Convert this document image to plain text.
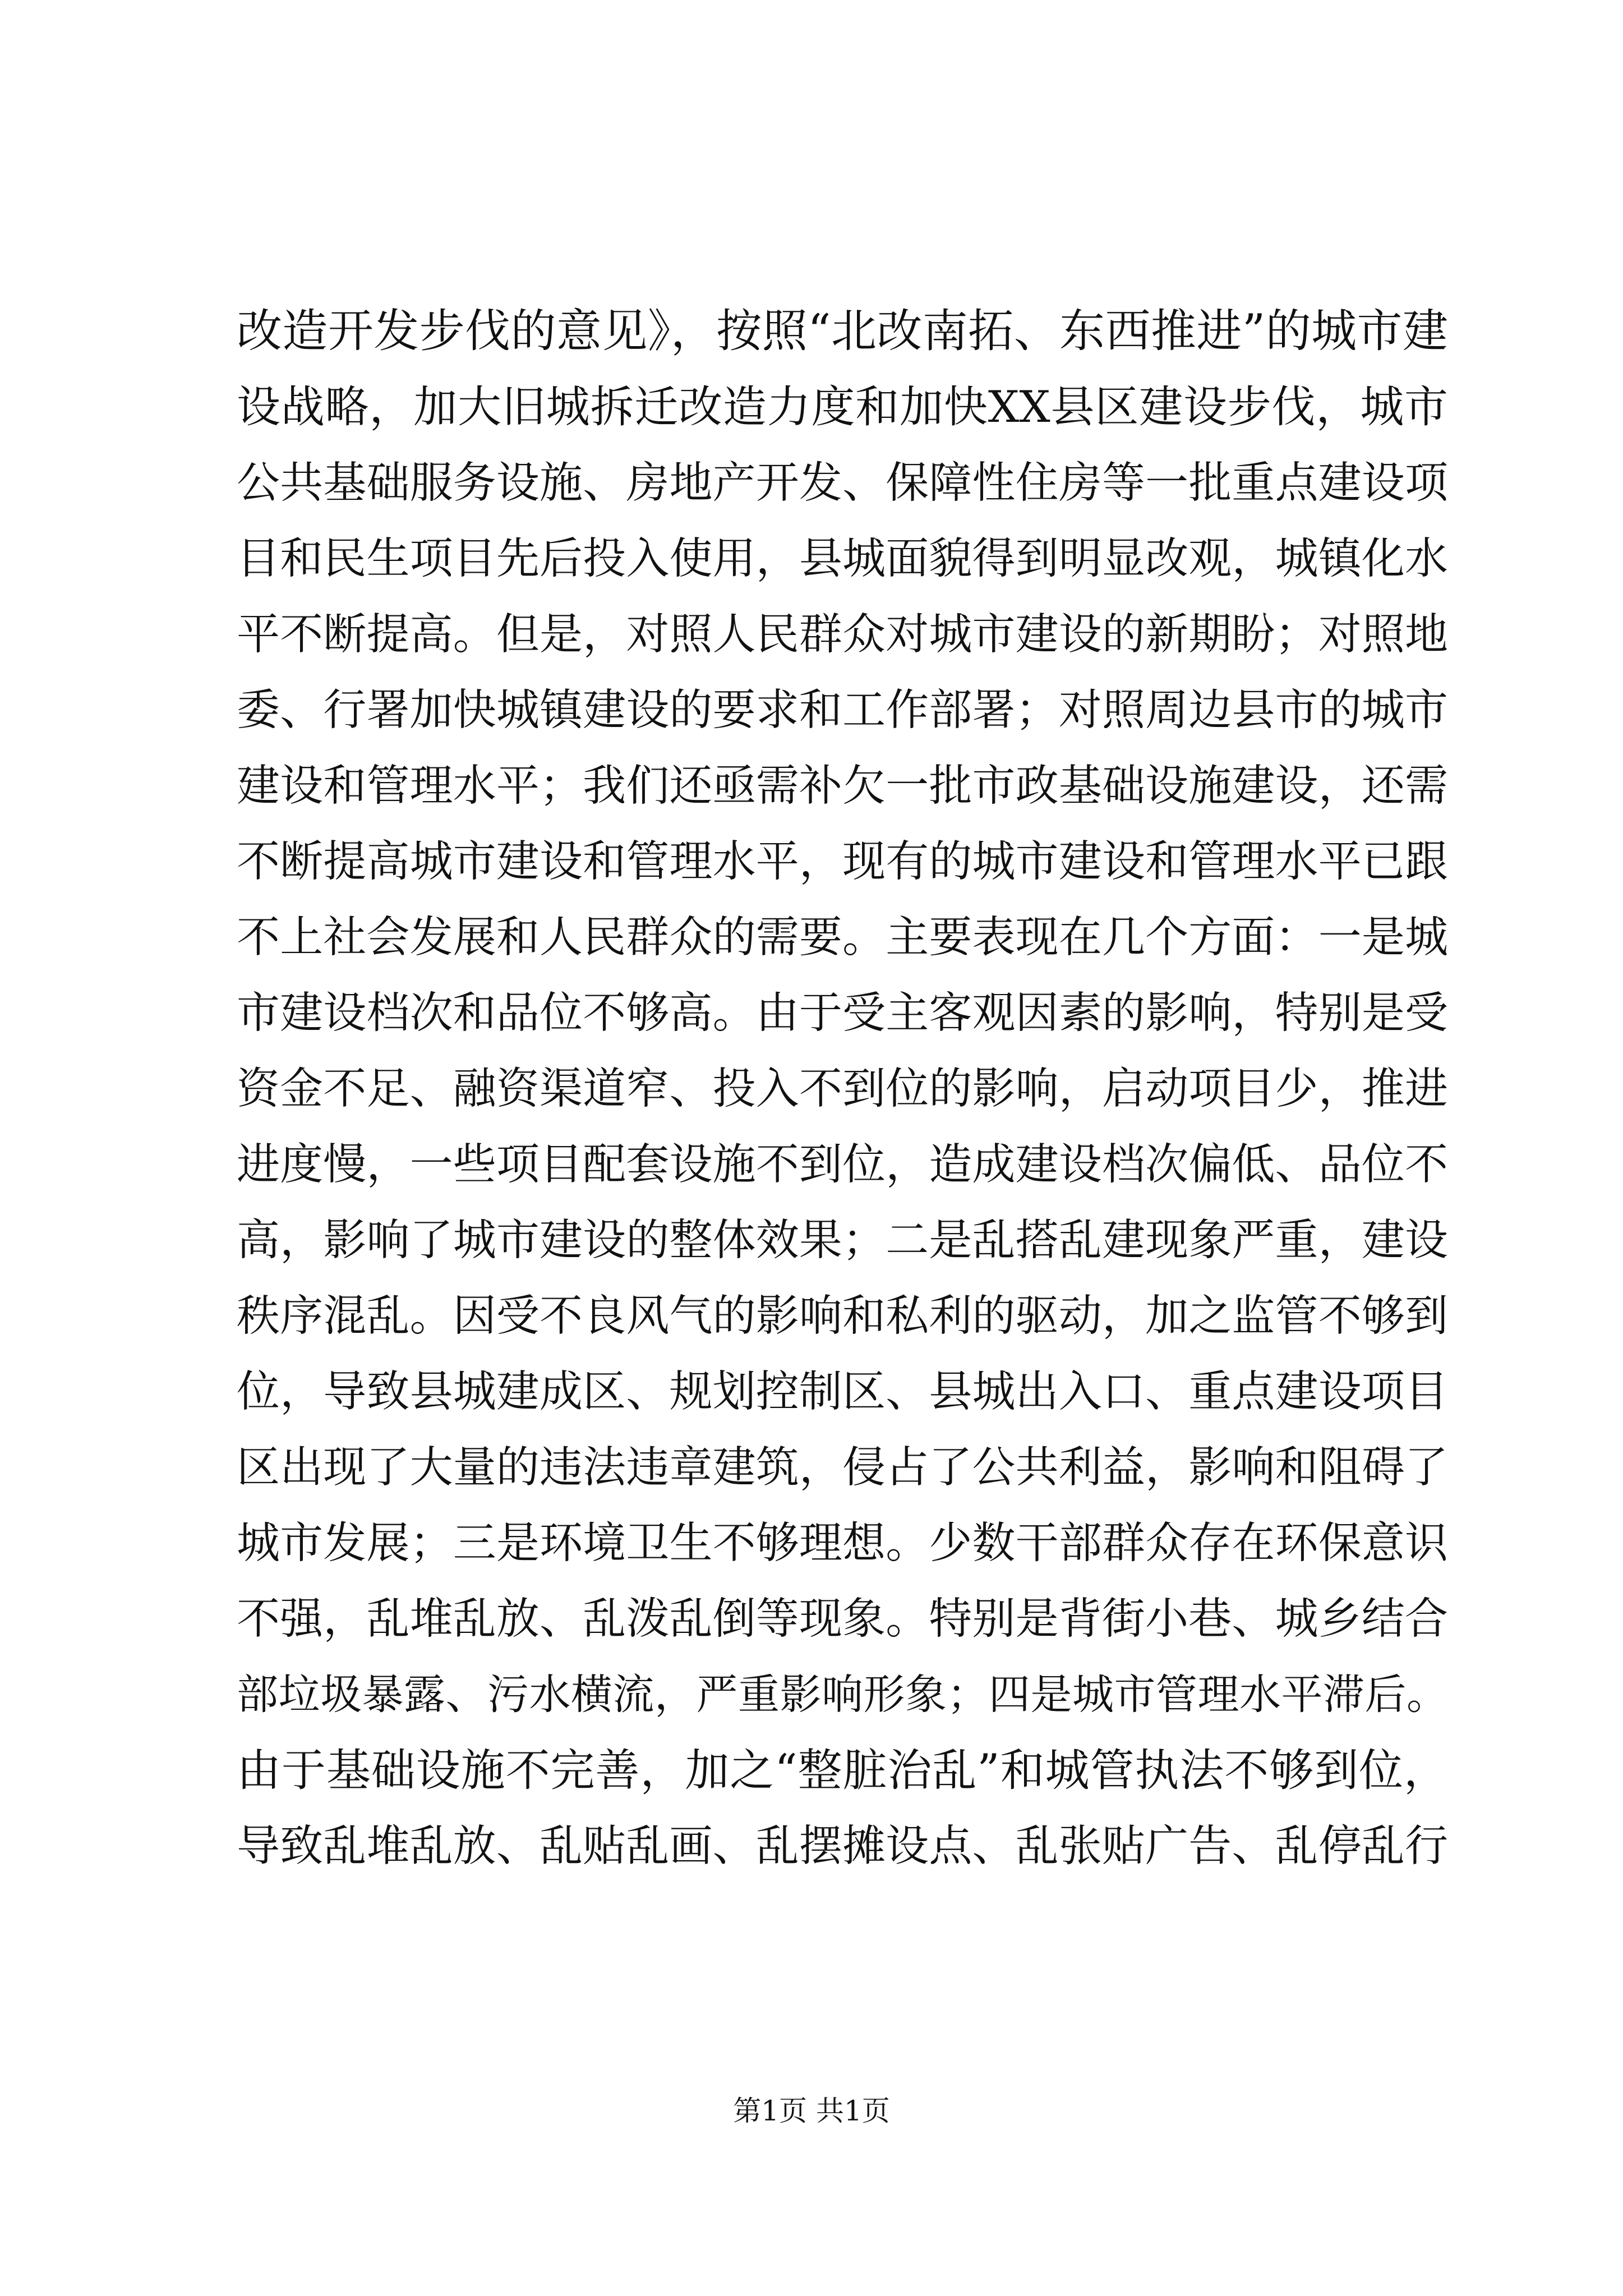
改造开发步伐的意见》，按照“北改南拓、东西推进”的城市建
设战略，加大旧城拆迁改造力度和加快XX县区建设步伐，城市
公共基础服务设施、房地产开发、保障性住房等一批重点建设项
目和民生项目先后投入使用，县城面貌得到明显改观，城镇化水
平不断提高。但是，对照人民群众对城市建设的新期盼；对照地
委、行署加快城镇建设的要求和工作部署；对照周边县市的城市
建设和管理水平；我们还亟需补欠一批市政基础设施建设，还需
不断提高城市建设和管理水平，现有的城市建设和管理水平已跟
不上社会发展和人民群众的需要。主要表现在几个方面：一是城
市建设档次和品位不够高。由于受主客观因素的影响，特别是受
资金不足、融资渠道窄、投入不到位的影响，启动项目少，推进
进度慢，一些项目配套设施不到位，造成建设档次偏低、品位不
高，影响了城市建设的整体效果；二是乱搭乱建现象严重，建设
秩序混乱。因受不良风气的影响和私利的驱动，加之监管不够到
位，导致县城建成区、规划控制区、县城出入口、重点建设项目
区出现了大量的违法违章建筑，侵占了公共利益，影响和阻碍了
城市发展；三是环境卫生不够理想。少数干部群众存在环保意识
不强，乱堆乱放、乱泼乱倒等现象。特别是背街小巷、城乡结合
部垃圾暴露、污水横流，严重影响形象；四是城市管理水平滞后。
由于基础设施不完善，加之“整脏治乱”和城管执法不够到位，
导致乱堆乱放、乱贴乱画、乱摆摊设点、乱张贴广告、乱停乱行
第1页 共1页
